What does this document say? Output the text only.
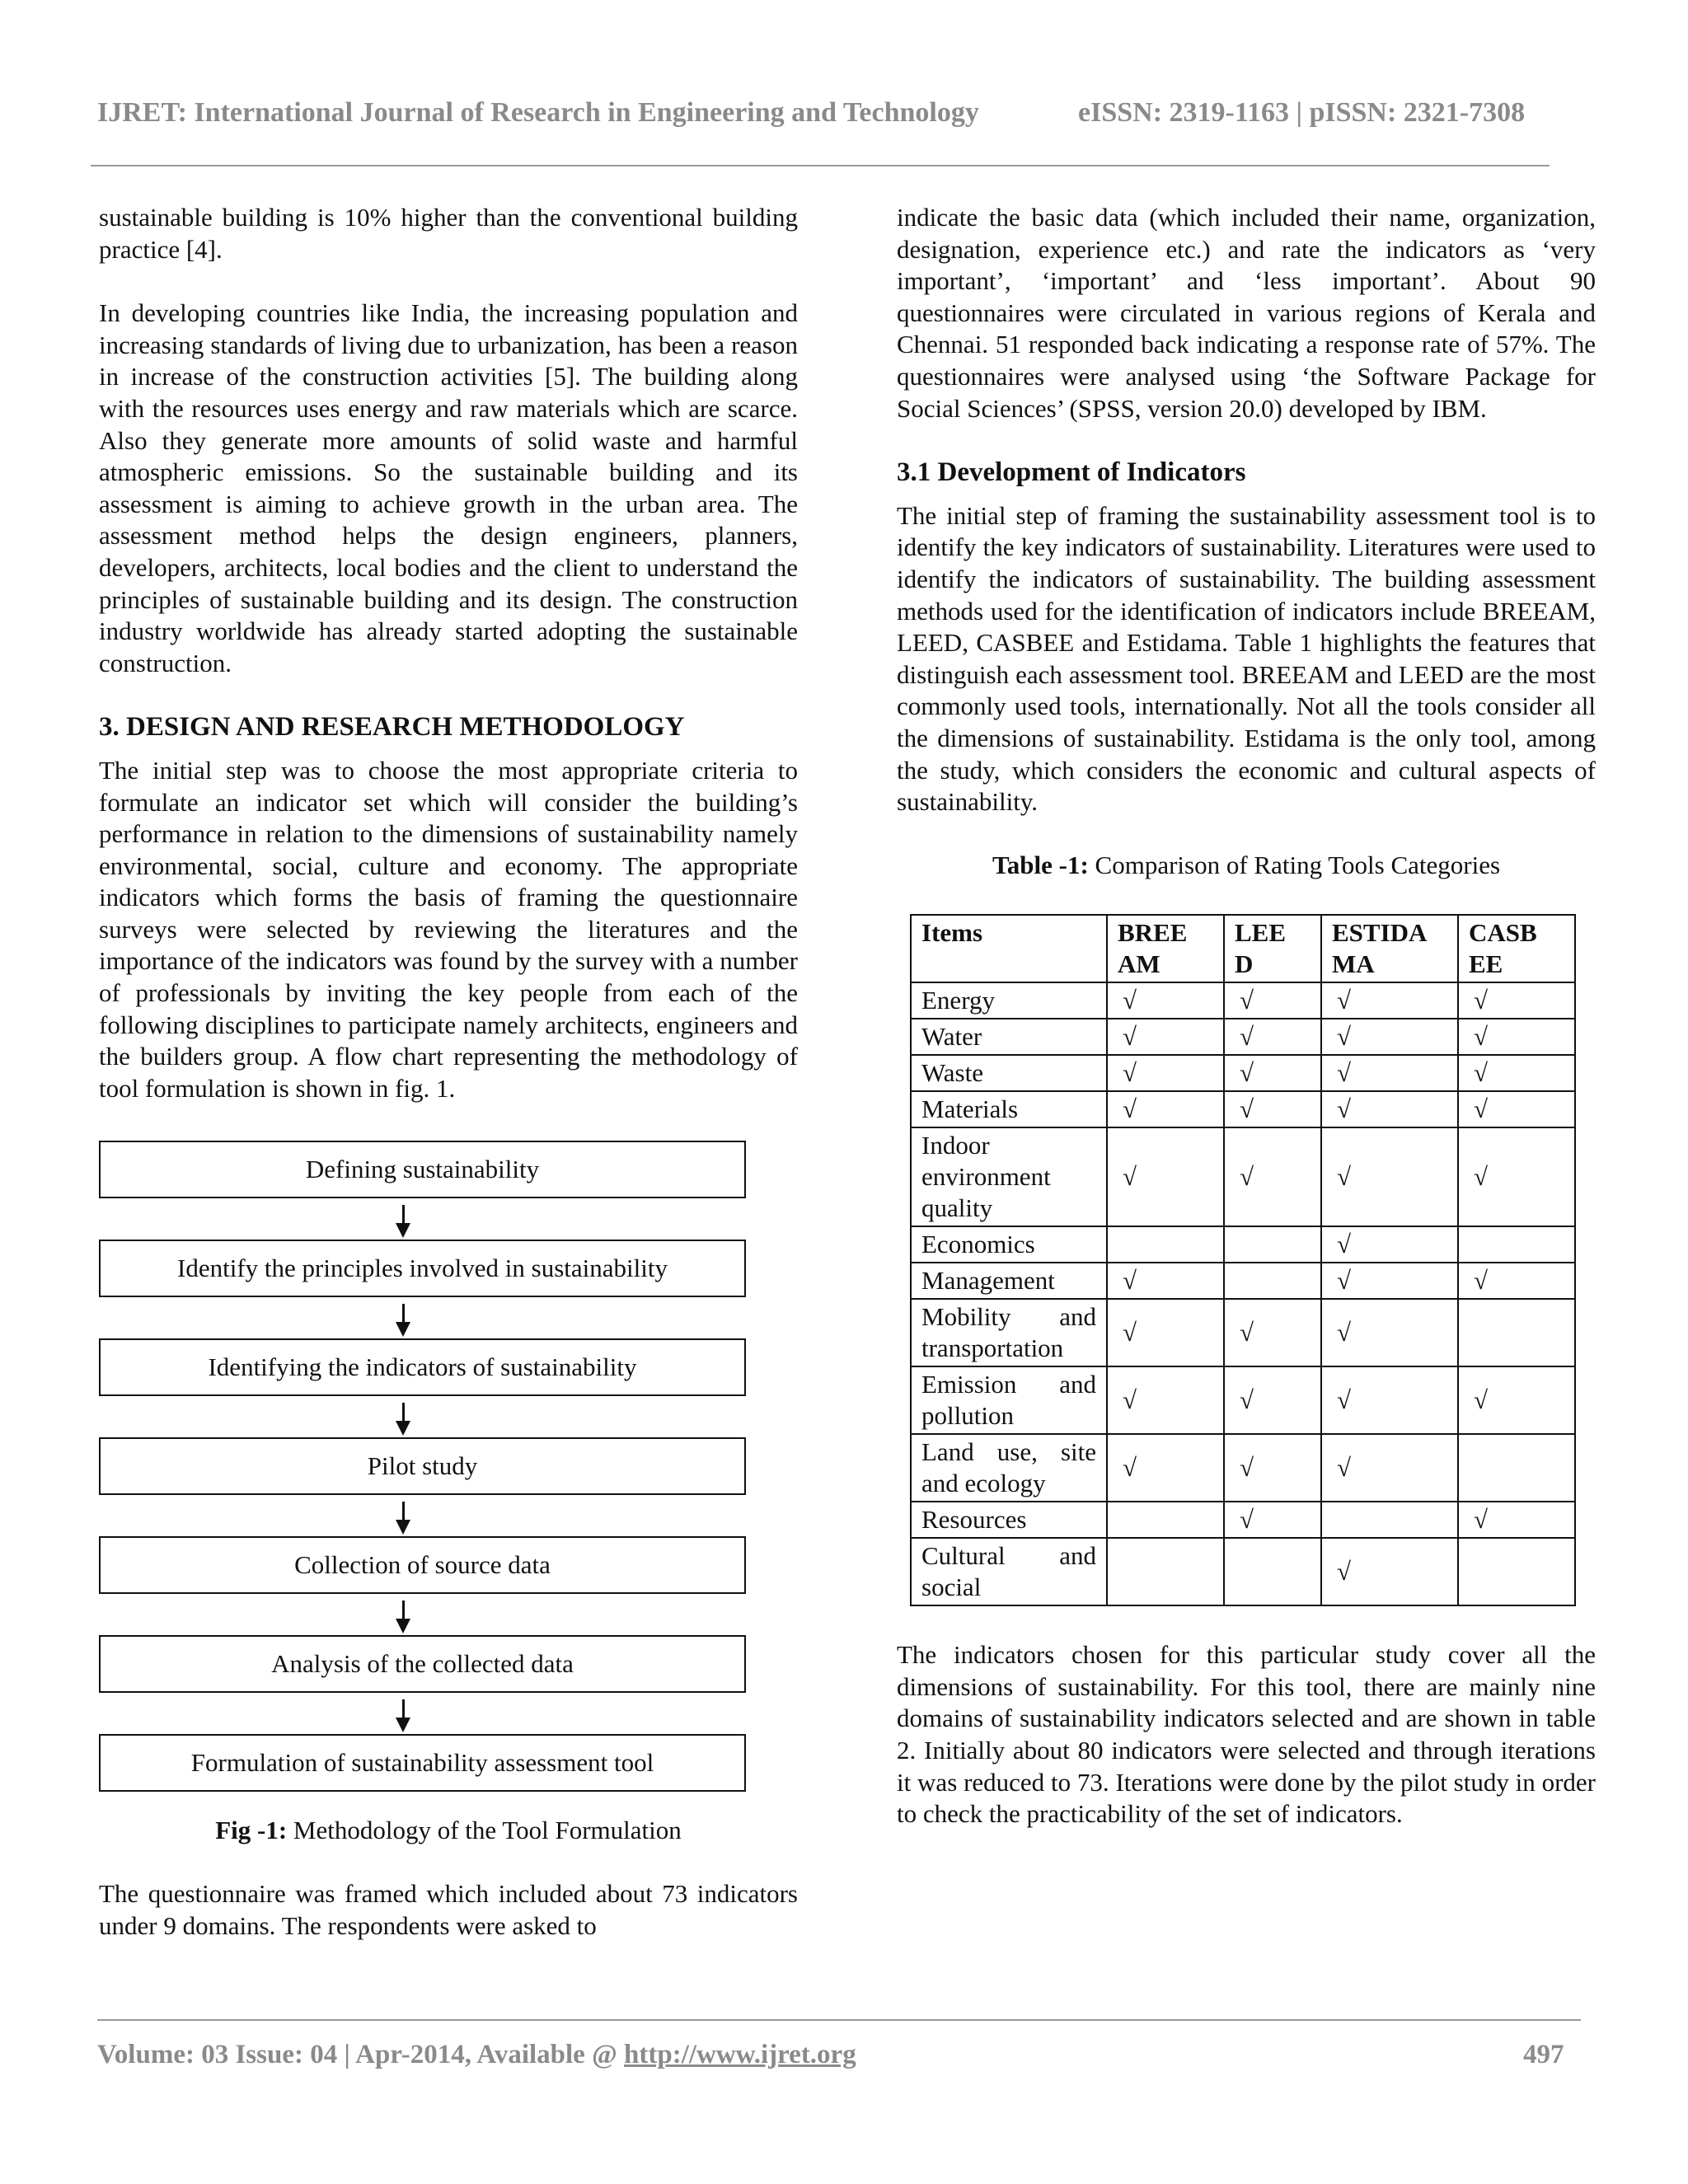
IJRET: International Journal of Research in Engineering and Technology	eISSN: 2319-1163 | pISSN: 2321-7308

sustainable building is 10% higher than the conventional building practice [4].

In developing countries like India, the increasing population and increasing standards of living due to urbanization, has been a reason in increase of the construction activities [5]. The building along with the resources uses energy and raw materials which are scarce. Also they generate more amounts of solid waste and harmful atmospheric emissions. So the sustainable building and its assessment is aiming to achieve growth in the urban area. The assessment method helps the design engineers, planners, developers, architects, local bodies and the client to understand the principles of sustainable building and its design. The construction industry worldwide has already started adopting the sustainable construction.

3. DESIGN AND RESEARCH METHODOLOGY

The initial step was to choose the most appropriate criteria to formulate an indicator set which will consider the building’s performance in relation to the dimensions of sustainability namely environmental, social, culture and economy. The appropriate indicators which forms the basis of framing the questionnaire surveys were selected by reviewing the literatures and the importance of the indicators was found by the survey with a number of professionals by inviting the key people from each of the following disciplines to participate namely architects, engineers and the builders group. A flow chart representing the methodology of tool formulation is shown in fig. 1.

Defining sustainability
Identify the principles involved in sustainability
Identifying the indicators of sustainability
Pilot study
Collection of source data
Analysis of the collected data
Formulation of sustainability assessment tool
Fig -1: Methodology of the Tool Formulation

The questionnaire was framed which included about 73 indicators under 9 domains. The respondents were asked to

indicate the basic data (which included their name, organization, designation, experience etc.) and rate the indicators as ‘very important’, ‘important’ and ‘less important’. About 90 questionnaires were circulated in various regions of Kerala and Chennai. 51 responded back indicating a response rate of 57%. The questionnaires were analysed using ‘the Software Package for Social Sciences’ (SPSS, version 20.0) developed by IBM.

3.1 Development of Indicators

The initial step of framing the sustainability assessment tool is to identify the key indicators of sustainability. Literatures were used to identify the indicators of sustainability. The building assessment methods used for the identification of indicators include BREEAM, LEED, CASBEE and Estidama. Table 1 highlights the features that distinguish each assessment tool. BREEAM and LEED are the most commonly used tools, internationally. Not all the tools consider all the dimensions of sustainability. Estidama is the only tool, among the study, which considers the economic and cultural aspects of sustainability.

Table -1: Comparison of Rating Tools Categories
Items	BREE AM	LEE D	ESTIDA MA	CASB EE
Energy	√	√	√	√
Water	√	√	√	√
Waste	√	√	√	√
Materials	√	√	√	√
Indoor environment quality	√	√	√	√
Economics			√	
Management	√		√	√
Mobility and transportation	√	√	√	
Emission and pollution	√	√	√	√
Land use, site and ecology	√	√	√	
Resources		√		√
Cultural and social			√	

The indicators chosen for this particular study cover all the dimensions of sustainability. For this tool, there are mainly nine domains of sustainability indicators selected and are shown in table 2. Initially about 80 indicators were selected and through iterations it was reduced to 73. Iterations were done by the pilot study in order to check the practicability of the set of indicators.

Volume: 03 Issue: 04 | Apr-2014, Available @ http://www.ijret.org	497
